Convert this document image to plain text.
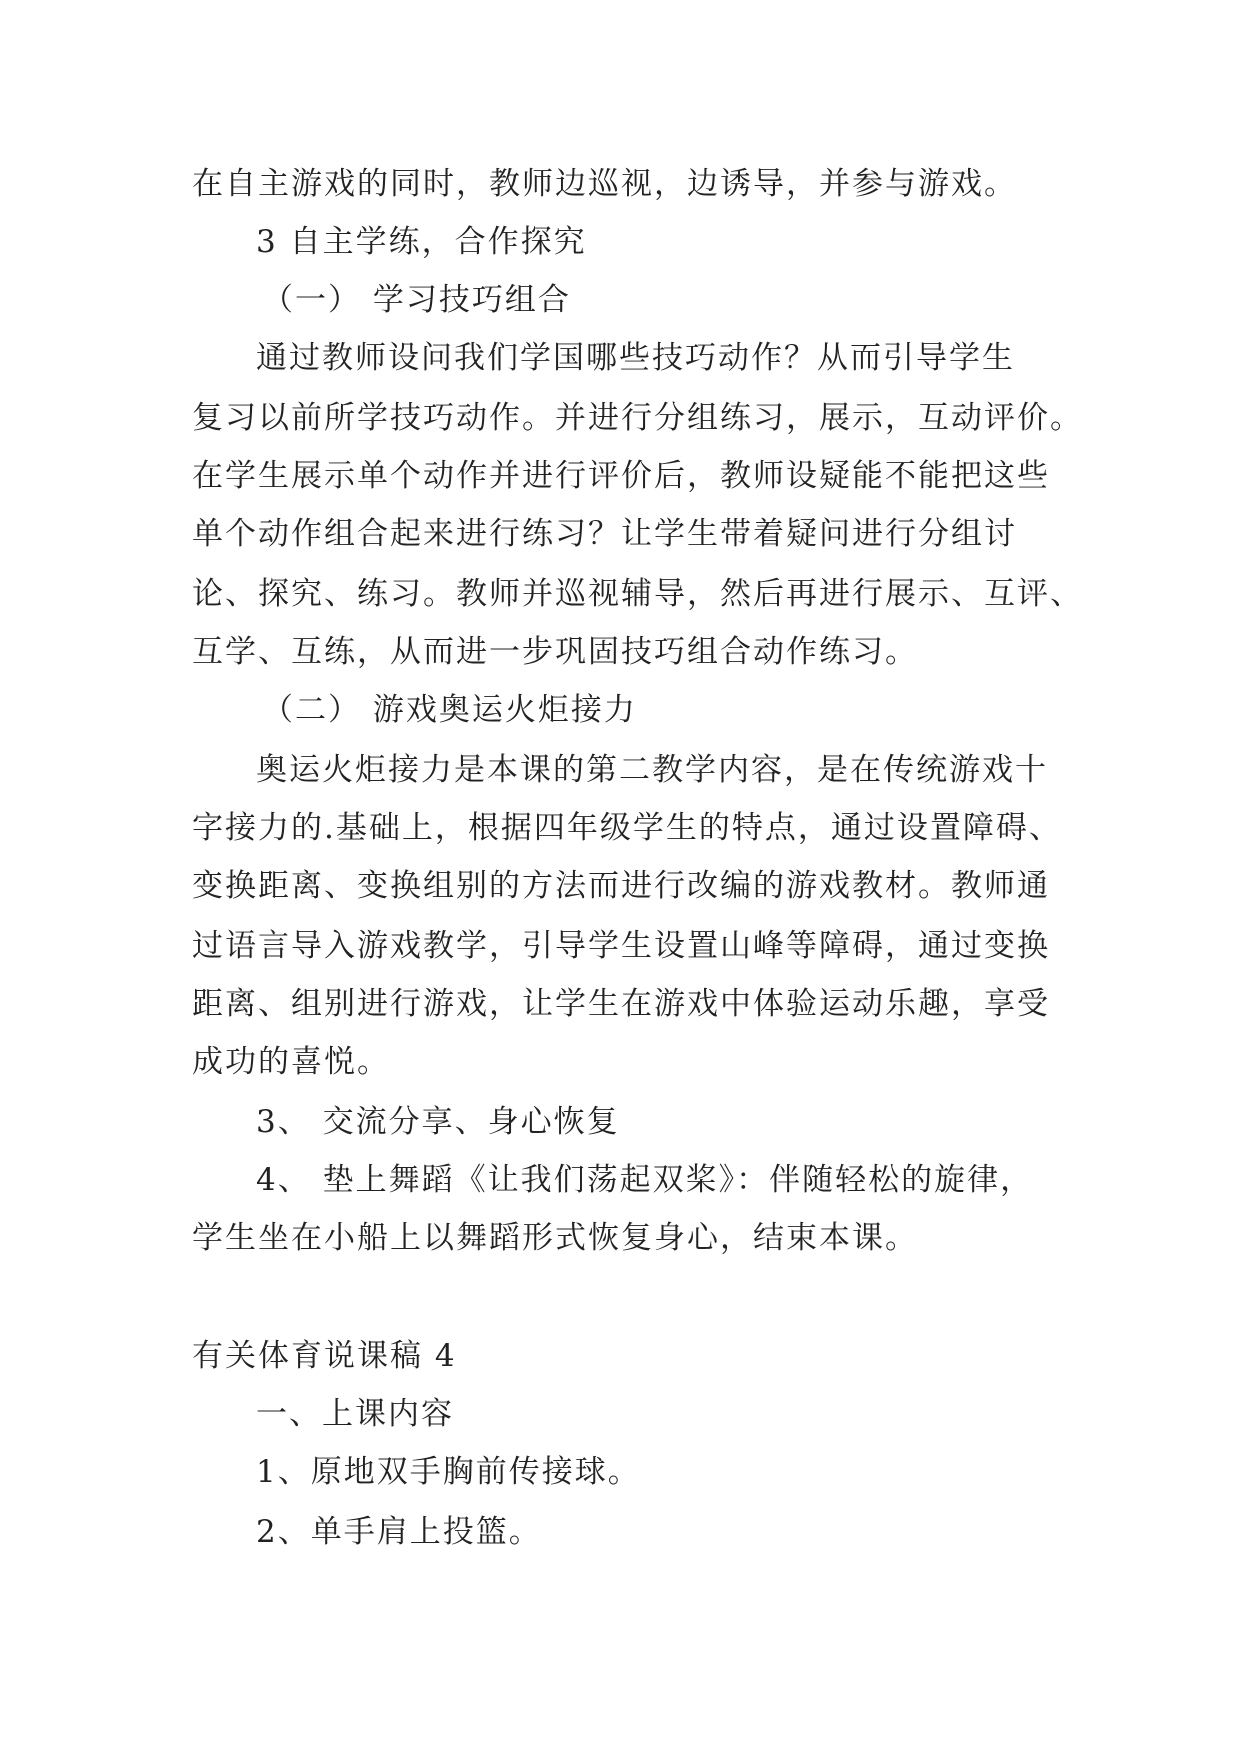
在自主游戏的同时，教师边巡视，边诱导，并参与游戏。
3 自主学练，合作探究
（一） 学习技巧组合
通过教师设问我们学国哪些技巧动作？从而引导学生
复习以前所学技巧动作。并进行分组练习，展示，互动评价。
在学生展示单个动作并进行评价后，教师设疑能不能把这些
单个动作组合起来进行练习？让学生带着疑问进行分组讨
论、探究、练习。教师并巡视辅导，然后再进行展示、互评、
互学、互练，从而进一步巩固技巧组合动作练习。
（二） 游戏奥运火炬接力
奥运火炬接力是本课的第二教学内容，是在传统游戏十
字接力的.基础上，根据四年级学生的特点，通过设置障碍、
变换距离、变换组别的方法而进行改编的游戏教材。教师通
过语言导入游戏教学，引导学生设置山峰等障碍，通过变换
距离、组别进行游戏，让学生在游戏中体验运动乐趣，享受
成功的喜悦。
3、 交流分享、身心恢复
4、 垫上舞蹈《让我们荡起双桨》：伴随轻松的旋律，
学生坐在小船上以舞蹈形式恢复身心，结束本课。
有关体育说课稿 4
一、上课内容
1、原地双手胸前传接球。
2、单手肩上投篮。
